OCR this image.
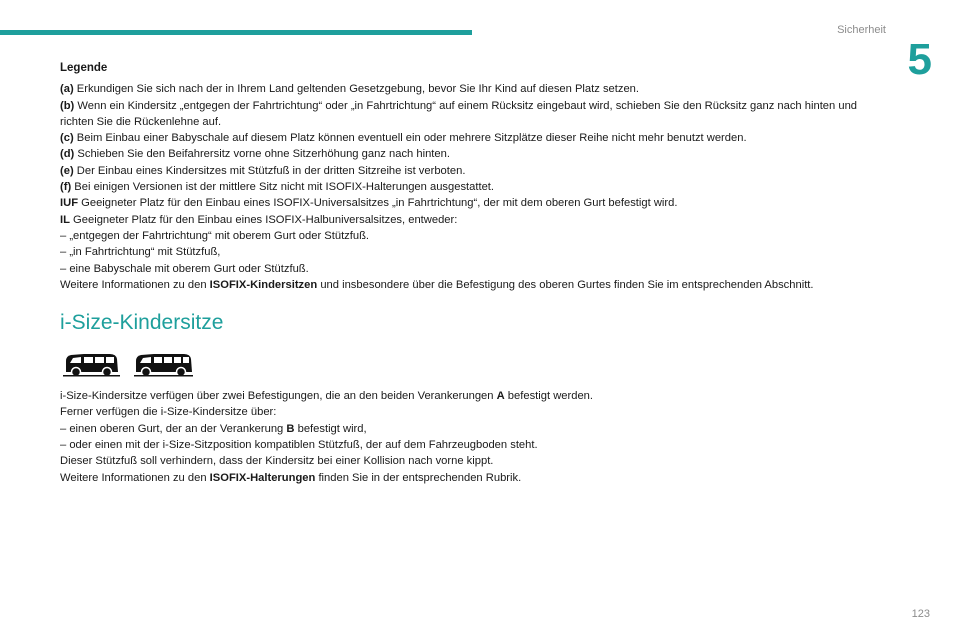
Sicherheit
5

Legende

(a) Erkundigen Sie sich nach der in Ihrem Land geltenden Gesetzgebung, bevor Sie Ihr Kind auf diesen Platz setzen.

(b) Wenn ein Kindersitz „entgegen der Fahrtrichtung“ oder „in Fahrtrichtung“ auf einem Rücksitz eingebaut wird, schieben Sie den Rücksitz ganz nach hinten und richten Sie die Rückenlehne auf.

(c) Beim Einbau einer Babyschale auf diesem Platz können eventuell ein oder mehrere Sitzplätze dieser Reihe nicht mehr benutzt werden.

(d) Schieben Sie den Beifahrersitz vorne ohne Sitzerhöhung ganz nach hinten.

(e) Der Einbau eines Kindersitzes mit Stützfuß in der dritten Sitzreihe ist verboten.

(f) Bei einigen Versionen ist der mittlere Sitz nicht mit ISOFIX-Halterungen ausgestattet.

IUF Geeigneter Platz für den Einbau eines ISOFIX-Universalsitzes „in Fahrtrichtung“, der mit dem oberen Gurt befestigt wird.

IL Geeigneter Platz für den Einbau eines ISOFIX-Halbuniversalsitzes, entweder:

– „entgegen der Fahrtrichtung“ mit oberem Gurt oder Stützfuß.

– „in Fahrtrichtung“ mit Stützfuß,

– eine Babyschale mit oberem Gurt oder Stützfuß.

Weitere Informationen zu den ISOFIX-Kindersitzen und insbesondere über die Befestigung des oberen Gurtes finden Sie im entsprechenden Abschnitt.

i-Size-Kindersitze

i-Size-Kindersitze verfügen über zwei Befestigungen, die an den beiden Verankerungen A befestigt werden.

Ferner verfügen die i-Size-Kindersitze über:

– einen oberen Gurt, der an der Verankerung B befestigt wird,

– oder einen mit der i-Size-Sitzposition kompatiblen Stützfuß, der auf dem Fahrzeugboden steht.

Dieser Stützfuß soll verhindern, dass der Kindersitz bei einer Kollision nach vorne kippt.

Weitere Informationen zu den ISOFIX-Halterungen finden Sie in der entsprechenden Rubrik.

123
